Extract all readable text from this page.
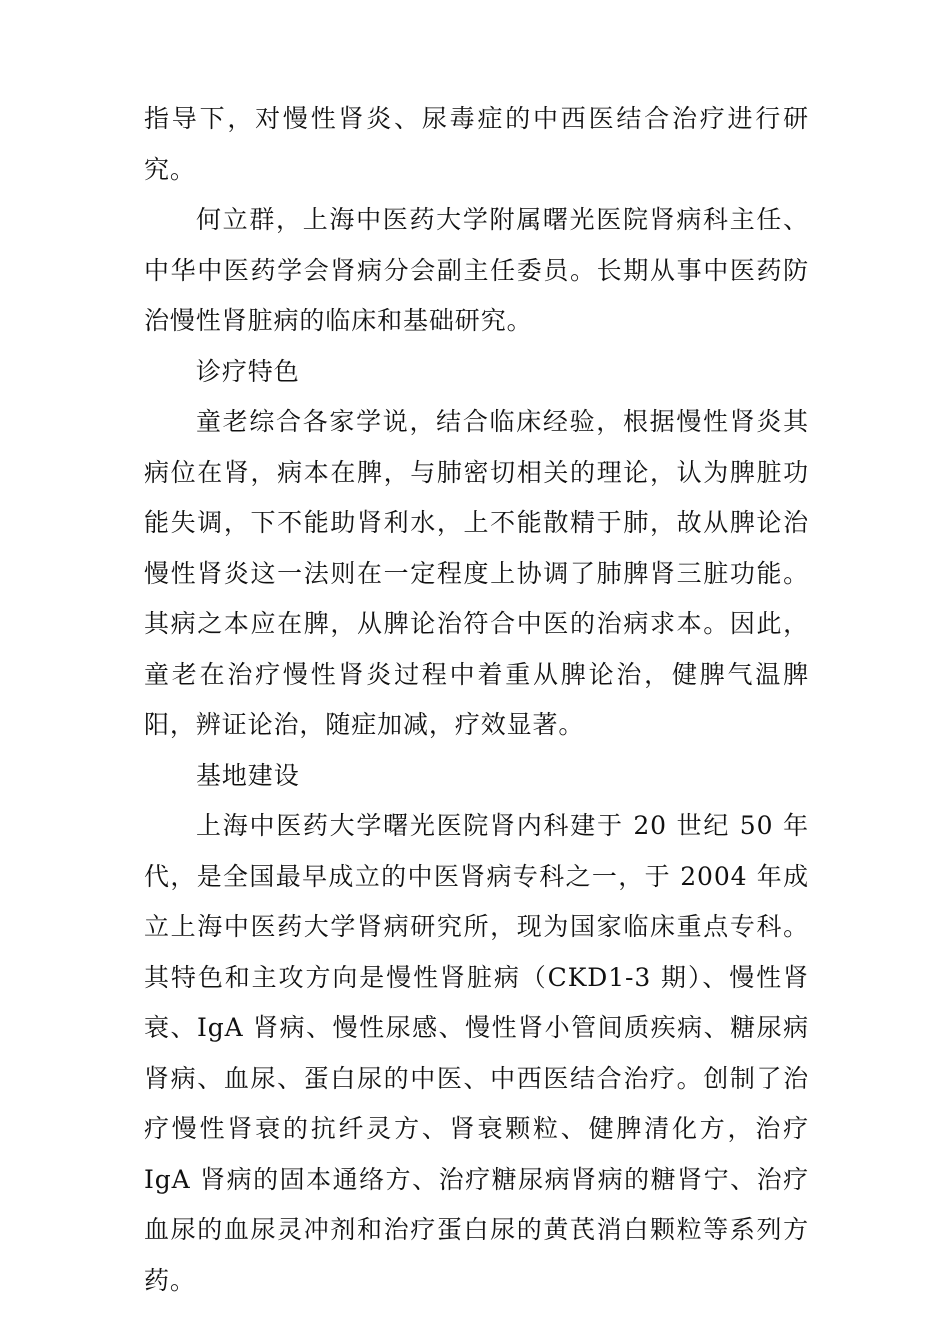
指导下，对慢性肾炎、尿毒症的中西医结合治疗进行研究。

何立群，上海中医药大学附属曙光医院肾病科主任、中华中医药学会肾病分会副主任委员。长期从事中医药防治慢性肾脏病的临床和基础研究。

诊疗特色

童老综合各家学说，结合临床经验，根据慢性肾炎其病位在肾，病本在脾，与肺密切相关的理论，认为脾脏功能失调，下不能助肾利水，上不能散精于肺，故从脾论治慢性肾炎这一法则在一定程度上协调了肺脾肾三脏功能。其病之本应在脾，从脾论治符合中医的治病求本。因此，童老在治疗慢性肾炎过程中着重从脾论治，健脾气温脾阳，辨证论治，随症加减，疗效显著。

基地建设

上海中医药大学曙光医院肾内科建于 20 世纪 50 年代，是全国最早成立的中医肾病专科之一，于 2004 年成立上海中医药大学肾病研究所，现为国家临床重点专科。其特色和主攻方向是慢性肾脏病（CKD1-3 期）、慢性肾衰、IgA 肾病、慢性尿感、慢性肾小管间质疾病、糖尿病肾病、血尿、蛋白尿的中医、中西医结合治疗。创制了治疗慢性肾衰的抗纤灵方、肾衰颗粒、健脾清化方，治疗 IgA 肾病的固本通络方、治疗糖尿病肾病的糖肾宁、治疗血尿的血尿灵冲剂和治疗蛋白尿的黄芪消白颗粒等系列方药。
